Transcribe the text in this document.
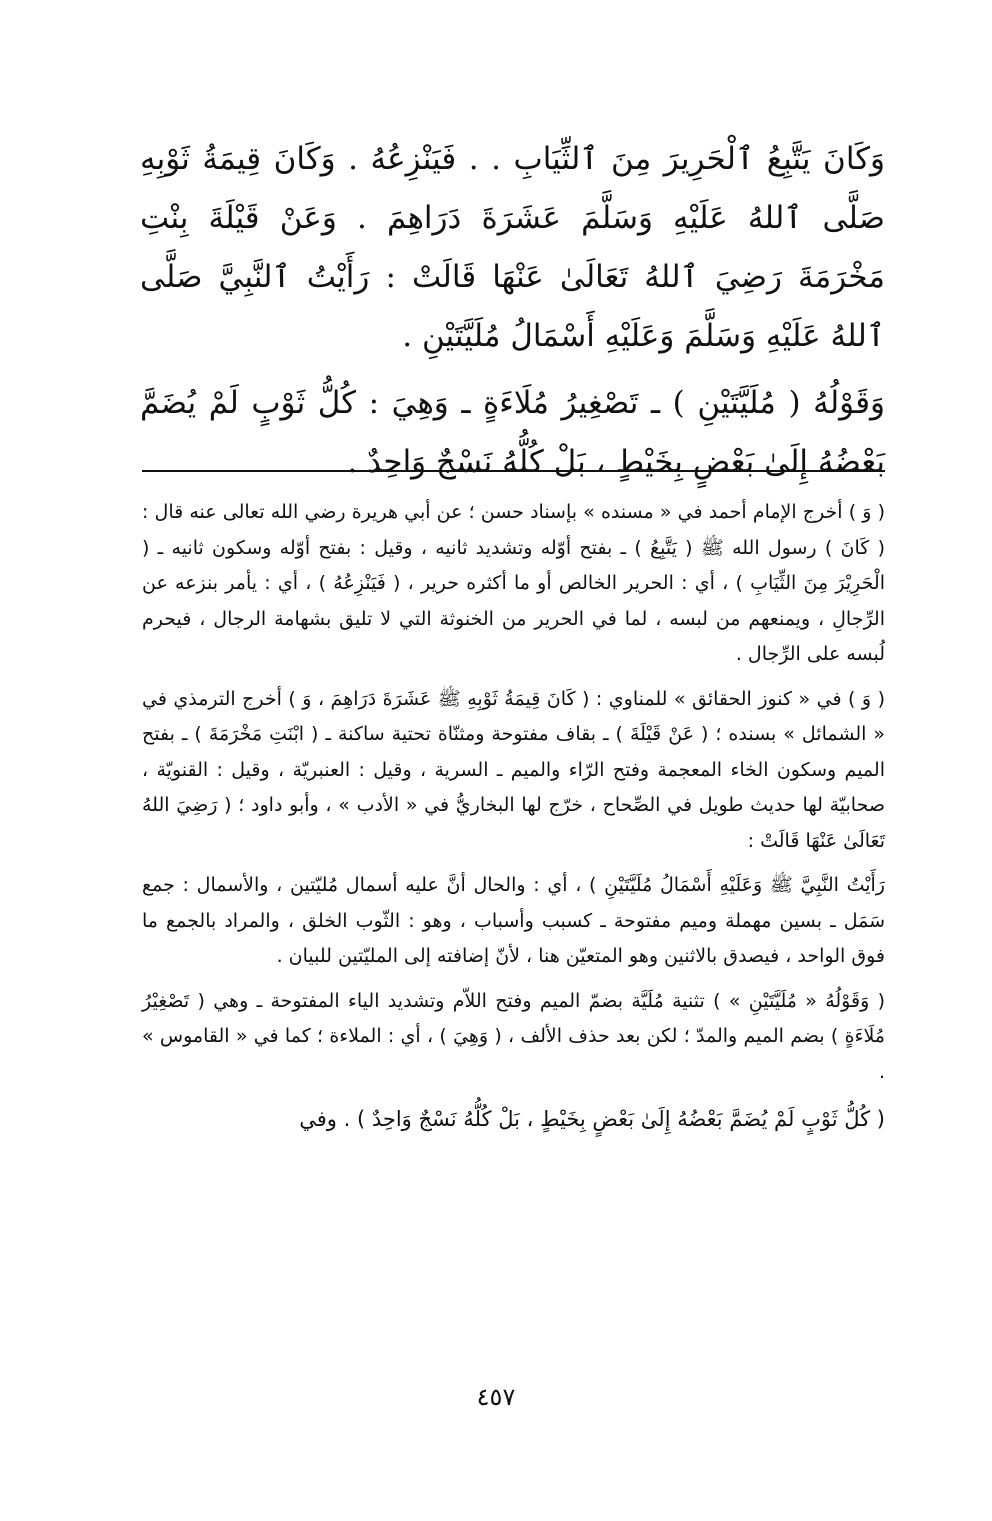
وَكَانَ يَتَّبِعُ ٱلْحَرِيرَ مِنَ ٱلثِّيَابِ . . فَيَنْزِعُهُ . وَكَانَ قِيمَةُ ثَوْبِهِ صَلَّى ٱللهُ عَلَيْهِ وَسَلَّمَ عَشَرَةَ دَرَاهِمَ . وَعَنْ قَيْلَةَ بِنْتِ مَخْرَمَةَ رَضِيَ ٱللهُ تَعَالَىٰ عَنْهَا قَالَتْ : رَأَيْتُ ٱلنَّبِيَّ صَلَّى ٱللهُ عَلَيْهِ وَسَلَّمَ وَعَلَيْهِ أَسْمَالُ مُلَيَّتَيْنِ .

وَقَوْلُهُ ( مُلَيَّتَيْنِ ) ـ تَصْغِيرُ مُلَاءَةٍ ـ وَهِيَ : كُلُّ ثَوْبٍ لَمْ يُضَمَّ بَعْضُهُ إِلَىٰ بَعْضٍ بِخَيْطٍ ، بَلْ كُلُّهُ نَسْجٌ وَاحِدٌ .

( وَ ) أخرج الإمام أحمد في « مسنده » بإسناد حسن ؛ عن أبي هريرة رضي الله تعالى عنه قال : ( كَانَ ) رسول الله ﷺ ( يَتَّبِعُ ) ـ بفتح أوّله وتشديد ثانيه ، وقيل : بفتح أوّله وسكون ثانيه ـ ( الْحَرِيْرَ مِنَ الثِّيَابِ ) ، أي : الحرير الخالص أو ما أكثره حرير ، ( فَيَنْزِعُهُ ) ، أي : يأمر بنزعه عن الرِّجالِ ، ويمنعهم من لبسه ، لما في الحرير من الخنوثة التي لا تليق بشهامة الرجال ، فيحرم لُبسه على الرِّجال .

( وَ ) في « كنوز الحقائق » للمناوي : ( كَانَ قِيمَةُ ثَوْبِهِ ﷺ عَشَرَةَ دَرَاهِمَ ، وَ ) أخرج الترمذي في « الشمائل » بسنده ؛ ( عَنْ قَيْلَةَ ) ـ بقاف مفتوحة ومثنّاة تحتية ساكنة ـ ( ابْنَتِ مَخْرَمَةَ ) ـ بفتح الميم وسكون الخاء المعجمة وفتح الرّاء والميم ـ السرية ، وقيل : العنبريّة ، وقيل : القنويّة ، صحابيّة لها حديث طويل في الصِّحاح ، خرّج لها البخاريُّ في « الأدب » ، وأبو داود ؛ ( رَضِيَ اللهُ تَعَالَىٰ عَنْهَا قَالَتْ :

رَأَيْتُ النَّبِيَّ ﷺ وَعَلَيْهِ أَسْمَالُ مُلَيَّتَيْنِ ) ، أي : والحال أنَّ عليه أسمال مُليّتين ، والأسمال : جمع سَمَل ـ بسين مهملة وميم مفتوحة ـ كسبب وأسباب ، وهو : الثّوب الخلق ، والمراد بالجمع ما فوق الواحد ، فيصدق بالاثنين وهو المتعيّن هنا ، لأنّ إضافته إلى المليّتين للبيان .

( وَقَوْلُهُ « مُلَيَّتَيْنِ » ) تثنية مُلَيَّة بضمّ الميم وفتح اللاّم وتشديد الياء المفتوحة ـ وهي ( تَصْغِيْرُ مُلَاءَةٍ ) بضم الميم والمدّ ؛ لكن بعد حذف الألف ، ( وَهِيَ ) ، أي : الملاءة ؛ كما في « القاموس » .

( كُلُّ ثَوْبٍ لَمْ يُضَمَّ بَعْضُهُ إِلَىٰ بَعْضٍ بِخَيْطٍ ، بَلْ كُلُّهُ نَسْجٌ وَاحِدٌ ) . وفي

٤٥٧
